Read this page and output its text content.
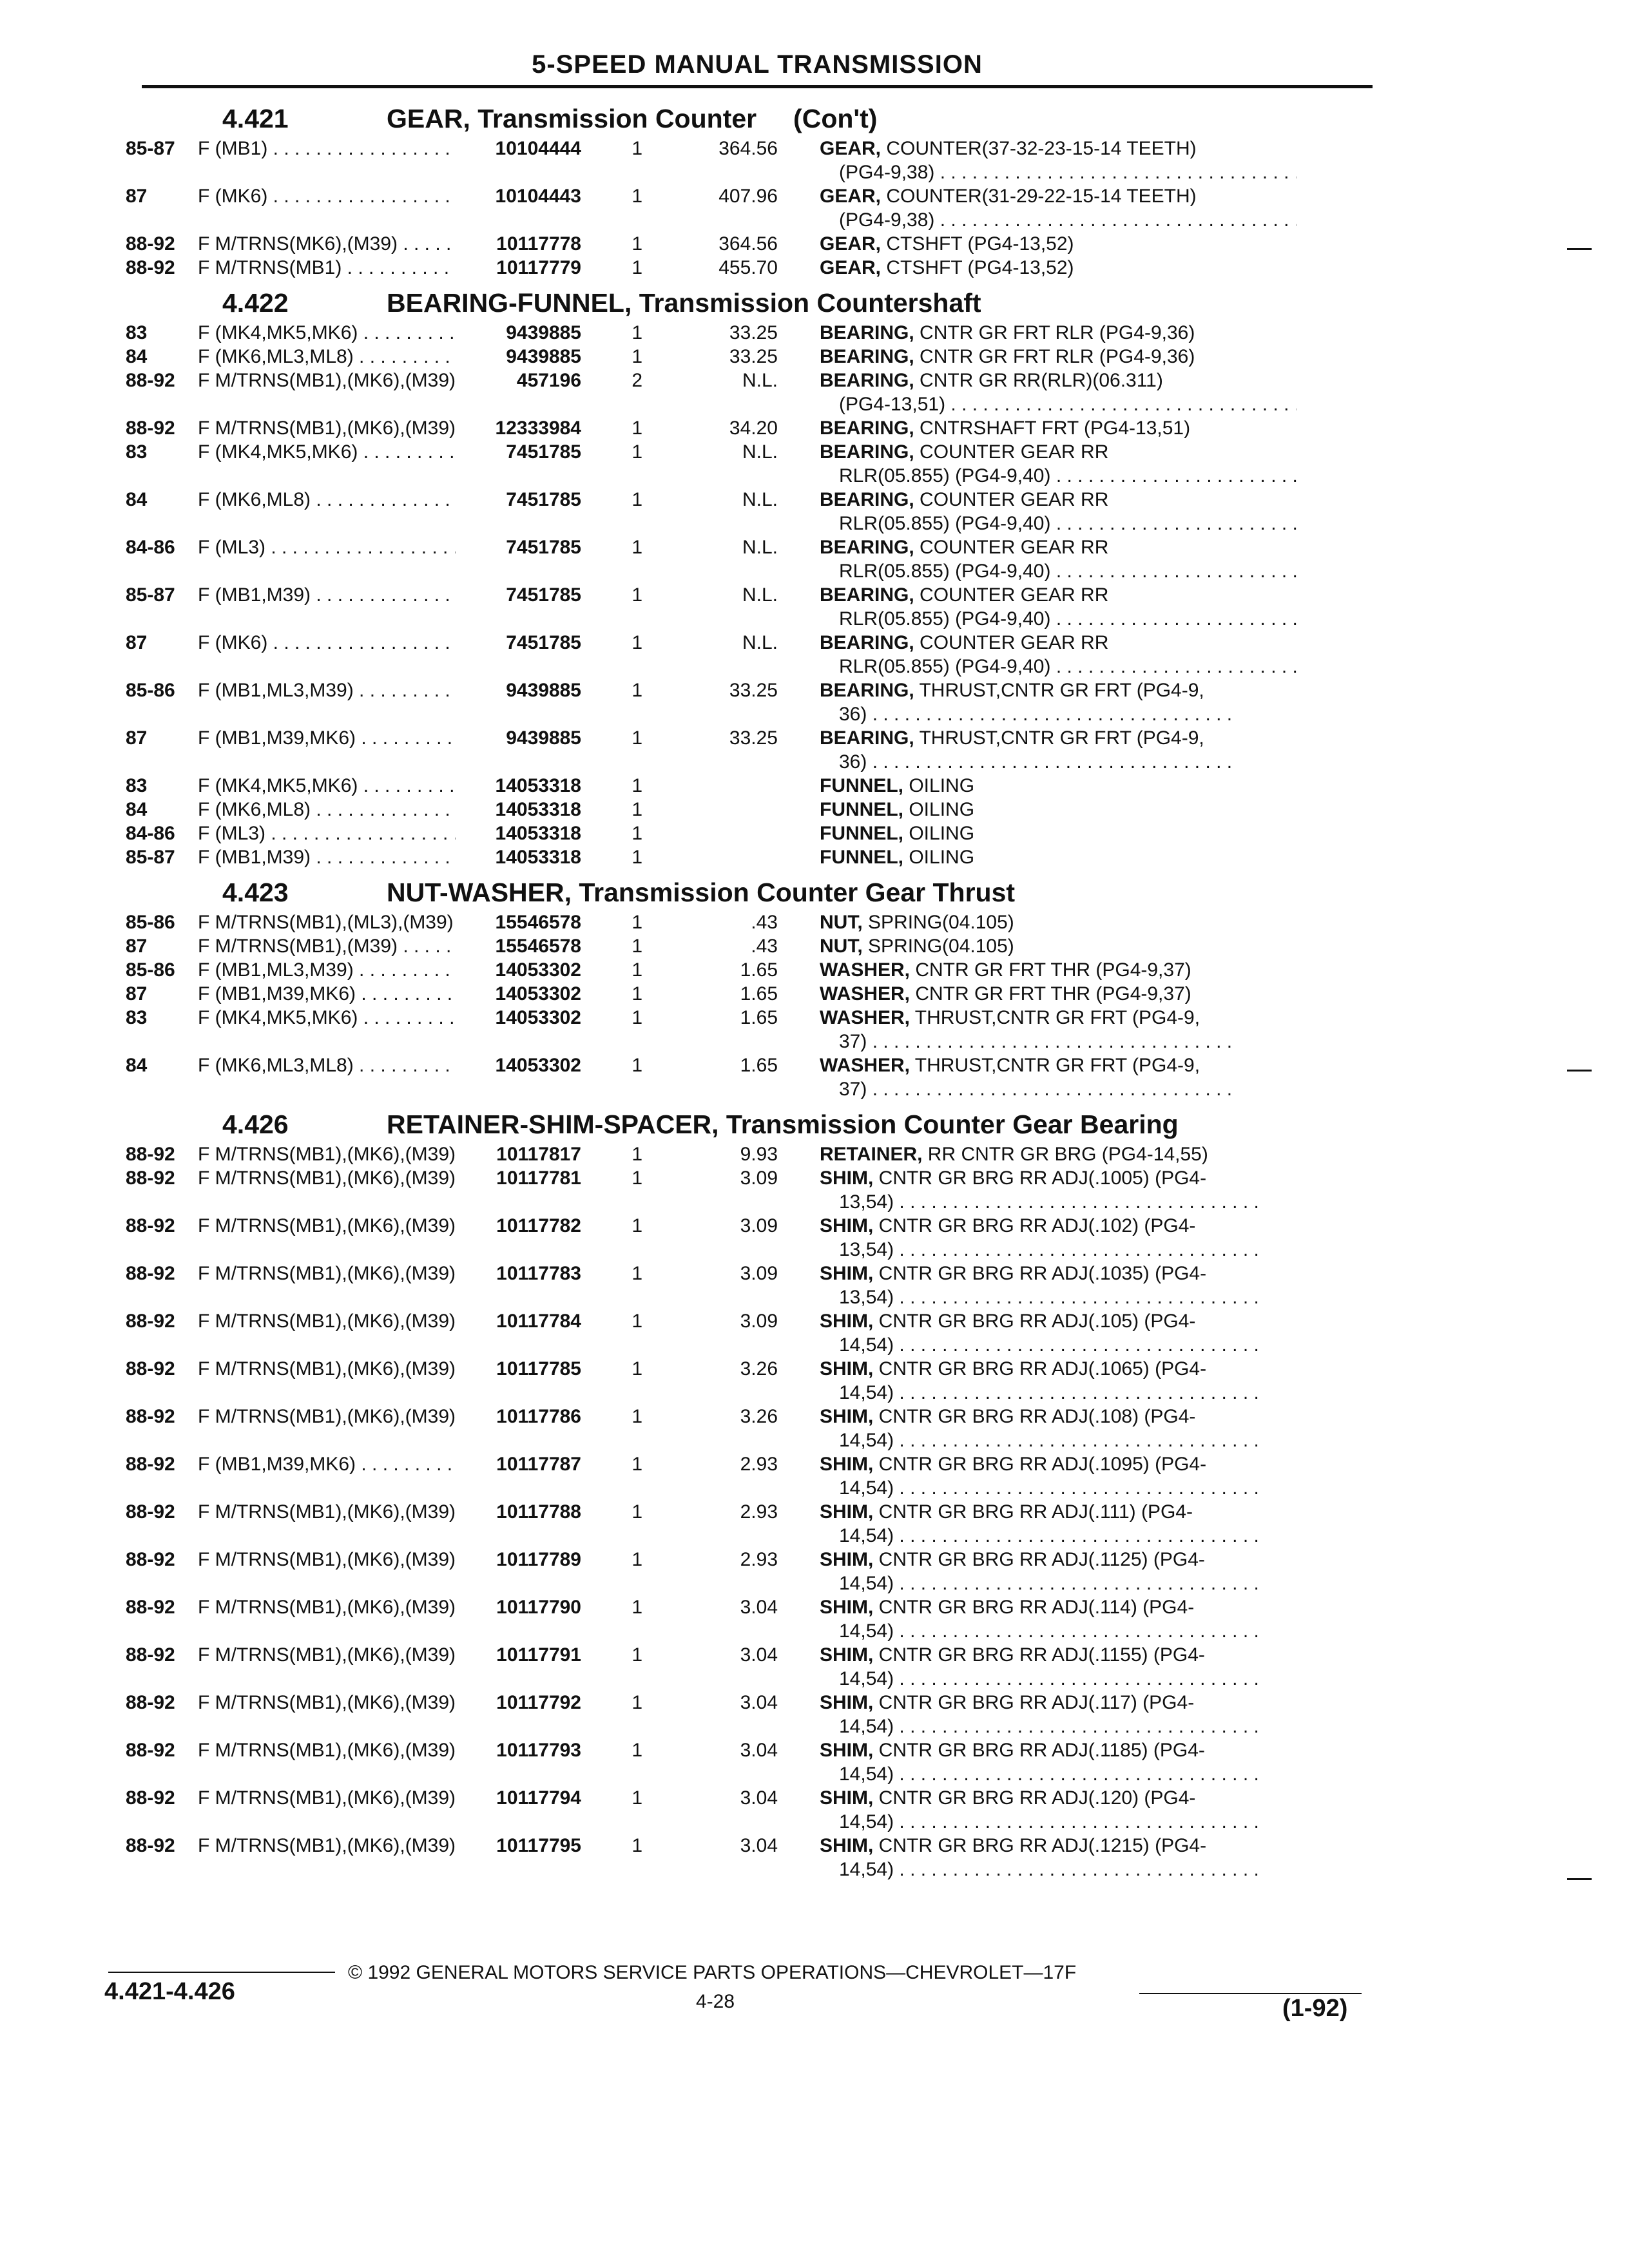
5-SPEED MANUAL TRANSMISSION
4.421	GEAR, Transmission Counter     (Con't)
85-87	F (MB1) . . .	10104444	1	364.56 GEAR, COUNTER(37-32-23-15-14 TEETH)
(PG4-9,38) . . .
87	F (MK6) . . .	10104443	1	407.96 GEAR, COUNTER(31-29-22-15-14 TEETH)
(PG4-9,38) . . .
88-92	F M/TRNS(MK6),(M39) . . .	10117778	1	364.56 GEAR, CTSHFT (PG4-13,52)
88-92	F M/TRNS(MB1) . . .	10117779	1	455.70 GEAR, CTSHFT (PG4-13,52)
4.422	BEARING-FUNNEL, Transmission Countershaft
83	F (MK4,MK5,MK6) . . .	9439885	1	33.25 BEARING, CNTR GR FRT RLR (PG4-9,36)
84	F (MK6,ML3,ML8) . . .	9439885	1	33.25 BEARING, CNTR GR FRT RLR (PG4-9,36)
88-92	F M/TRNS(MB1),(MK6),(M39) . . .	457196	2	N.L. BEARING, CNTR GR RR(RLR)(06.311)
(PG4-13,51) . . .
88-92	F M/TRNS(MB1),(MK6),(M39) . . .	12333984	1	34.20 BEARING, CNTRSHAFT FRT (PG4-13,51)
83	F (MK4,MK5,MK6) . . .	7451785	1	N.L. BEARING, COUNTER GEAR RR
RLR(05.855) (PG4-9,40) . . .
84	F (MK6,ML8) . . .	7451785	1	N.L. BEARING, COUNTER GEAR RR
RLR(05.855) (PG4-9,40) . . .
84-86	F (ML3) . . .	7451785	1	N.L. BEARING, COUNTER GEAR RR
RLR(05.855) (PG4-9,40) . . .
85-87	F (MB1,M39) . . .	7451785	1	N.L. BEARING, COUNTER GEAR RR
RLR(05.855) (PG4-9,40) . . .
87	F (MK6) . . .	7451785	1	N.L. BEARING, COUNTER GEAR RR
RLR(05.855) (PG4-9,40) . . .
85-86	F (MB1,ML3,M39) . . .	9439885	1	33.25 BEARING, THRUST,CNTR GR FRT (PG4-9,
36) . . .
87	F (MB1,M39,MK6) . . .	9439885	1	33.25 BEARING, THRUST,CNTR GR FRT (PG4-9,
36) . . .
83	F (MK4,MK5,MK6) . . .	14053318	1	FUNNEL, OILING
84	F (MK6,ML8) . . .	14053318	1	FUNNEL, OILING
84-86	F (ML3) . . .	14053318	1	FUNNEL, OILING
85-87	F (MB1,M39) . . .	14053318	1	FUNNEL, OILING
4.423	NUT-WASHER, Transmission Counter Gear Thrust
85-86	F M/TRNS(MB1),(ML3),(M39) . . .	15546578	1	.43 NUT, SPRING(04.105)
87	F M/TRNS(MB1),(M39) . . .	15546578	1	.43 NUT, SPRING(04.105)
85-86	F (MB1,ML3,M39) . . .	14053302	1	1.65 WASHER, CNTR GR FRT THR (PG4-9,37)
87	F (MB1,M39,MK6) . . .	14053302	1	1.65 WASHER, CNTR GR FRT THR (PG4-9,37)
83	F (MK4,MK5,MK6) . . .	14053302	1	1.65 WASHER, THRUST,CNTR GR FRT (PG4-9,
37) . . .
84	F (MK6,ML3,ML8) . . .	14053302	1	1.65 WASHER, THRUST,CNTR GR FRT (PG4-9,
37) . . .
4.426	RETAINER-SHIM-SPACER, Transmission Counter Gear Bearing
88-92	F M/TRNS(MB1),(MK6),(M39) . . .	10117817	1	9.93 RETAINER, RR CNTR GR BRG (PG4-14,55)
88-92	F M/TRNS(MB1),(MK6),(M39) . . .	10117781	1	3.09 SHIM, CNTR GR BRG RR ADJ(.1005) (PG4-
13,54) . . .
88-92	F M/TRNS(MB1),(MK6),(M39) . . .	10117782	1	3.09 SHIM, CNTR GR BRG RR ADJ(.102) (PG4-
13,54) . . .
88-92	F M/TRNS(MB1),(MK6),(M39) . . .	10117783	1	3.09 SHIM, CNTR GR BRG RR ADJ(.1035) (PG4-
13,54) . . .
88-92	F M/TRNS(MB1),(MK6),(M39) . . .	10117784	1	3.09 SHIM, CNTR GR BRG RR ADJ(.105) (PG4-
14,54) . . .
88-92	F M/TRNS(MB1),(MK6),(M39) . . .	10117785	1	3.26 SHIM, CNTR GR BRG RR ADJ(.1065) (PG4-
14,54) . . .
88-92	F M/TRNS(MB1),(MK6),(M39) . . .	10117786	1	3.26 SHIM, CNTR GR BRG RR ADJ(.108) (PG4-
14,54) . . .
88-92	F (MB1,M39,MK6) . . .	10117787	1	2.93 SHIM, CNTR GR BRG RR ADJ(.1095) (PG4-
14,54) . . .
88-92	F M/TRNS(MB1),(MK6),(M39) . . .	10117788	1	2.93 SHIM, CNTR GR BRG RR ADJ(.111) (PG4-
14,54) . . .
88-92	F M/TRNS(MB1),(MK6),(M39) . . .	10117789	1	2.93 SHIM, CNTR GR BRG RR ADJ(.1125) (PG4-
14,54) . . .
88-92	F M/TRNS(MB1),(MK6),(M39) . . .	10117790	1	3.04 SHIM, CNTR GR BRG RR ADJ(.114) (PG4-
14,54) . . .
88-92	F M/TRNS(MB1),(MK6),(M39) . . .	10117791	1	3.04 SHIM, CNTR GR BRG RR ADJ(.1155) (PG4-
14,54) . . .
88-92	F M/TRNS(MB1),(MK6),(M39) . . .	10117792	1	3.04 SHIM, CNTR GR BRG RR ADJ(.117) (PG4-
14,54) . . .
88-92	F M/TRNS(MB1),(MK6),(M39) . . .	10117793	1	3.04 SHIM, CNTR GR BRG RR ADJ(.1185) (PG4-
14,54) . . .
88-92	F M/TRNS(MB1),(MK6),(M39) . . .	10117794	1	3.04 SHIM, CNTR GR BRG RR ADJ(.120) (PG4-
14,54) . . .
88-92	F M/TRNS(MB1),(MK6),(M39) . . .	10117795	1	3.04 SHIM, CNTR GR BRG RR ADJ(.1215) (PG4-
14,54) . . .
© 1992 GENERAL MOTORS SERVICE PARTS OPERATIONS—CHEVROLET—17F
4.421-4.426	4-28	(1-92)
